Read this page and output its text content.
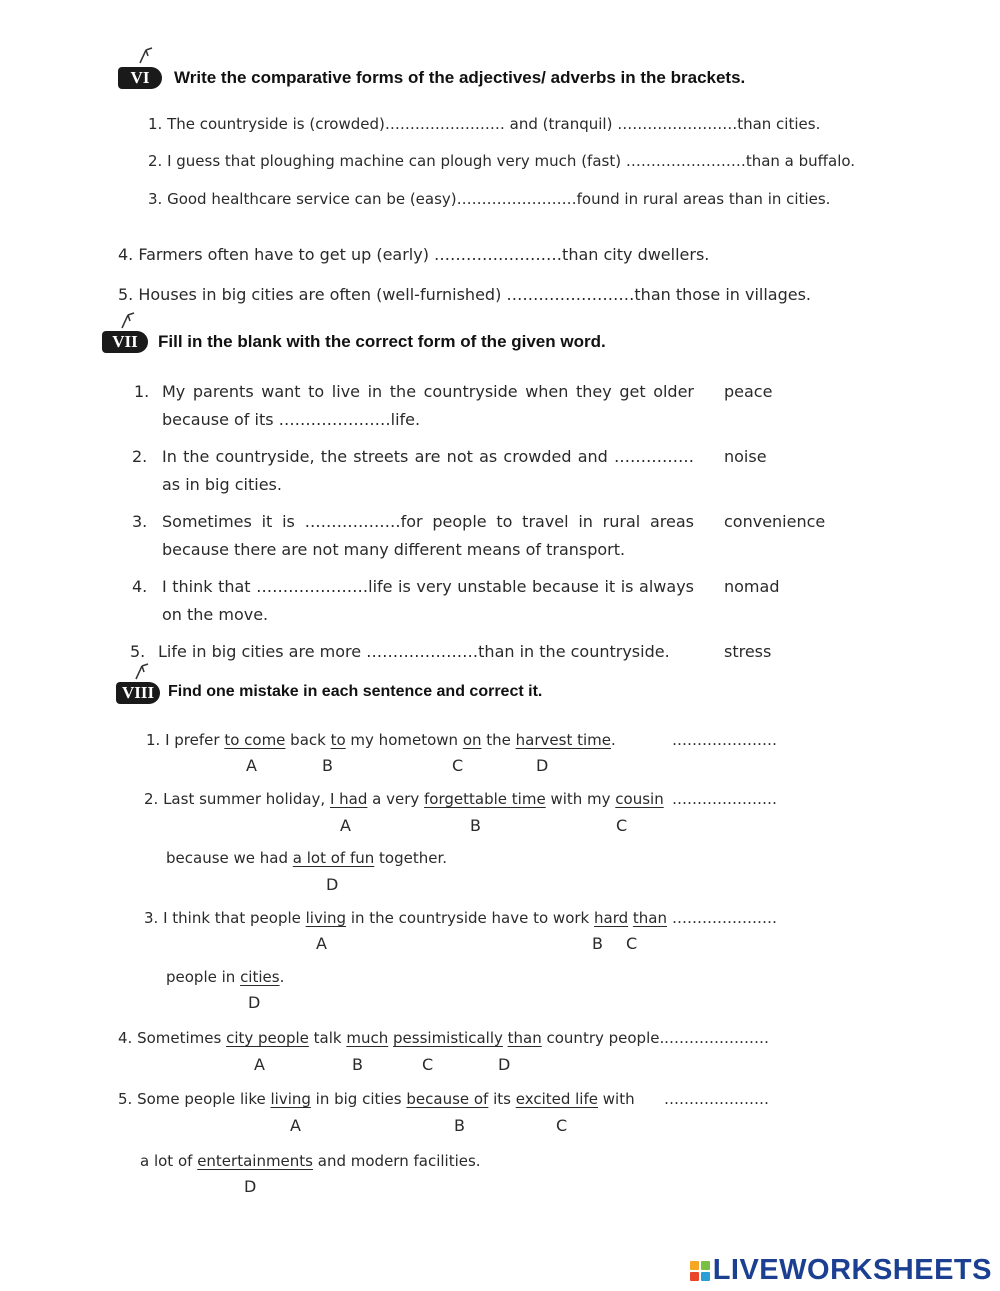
VI	Write the comparative forms of the adjectives/ adverbs in the brackets.
1. The countryside is (crowded)…………………… and (tranquil) ……………………than cities.
2. I guess that ploughing machine can plough very much (fast) ……………………than a buffalo.
3. Good healthcare service can be (easy)……………………found in rural areas than in cities.
4. Farmers often have to get up (early) ……………………than city dwellers.
5. Houses in big cities are often (well-furnished) ……………………than those in villages.
VII	Fill in the blank with the correct form of the given word.
1. My parents want to live in the countryside when they get older
because of its …………………life.
peace
2. In the countryside, the streets are not as crowded and ……………
as in big cities.
noise
3. Sometimes it is ………………for people to travel in rural areas
because there are not many different means of transport.
convenience
4. I think that …………………life is very unstable because it is always
on the move.
nomad
5. Life in big cities are more …………………than in the countryside.	stress
VIII Find one mistake in each sentence and correct it.
1. I prefer to come back to my hometown on the harvest time.	…………………
A	B	C	D
2. Last summer holiday, I had a very forgettable time with my cousin …………………
A	B	C
because we had a lot of fun together.
D
3. I think that people living in the countryside have to work hard than …………………
A	B C
people in cities.
D
4. Sometimes city people talk much pessimistically than country people. …………………
A	B	C	D
5. Some people like living in big cities because of its excited life with …………………
A	B	C
a lot of entertainments and modern facilities.
D
LIVEWORKSHEETS
